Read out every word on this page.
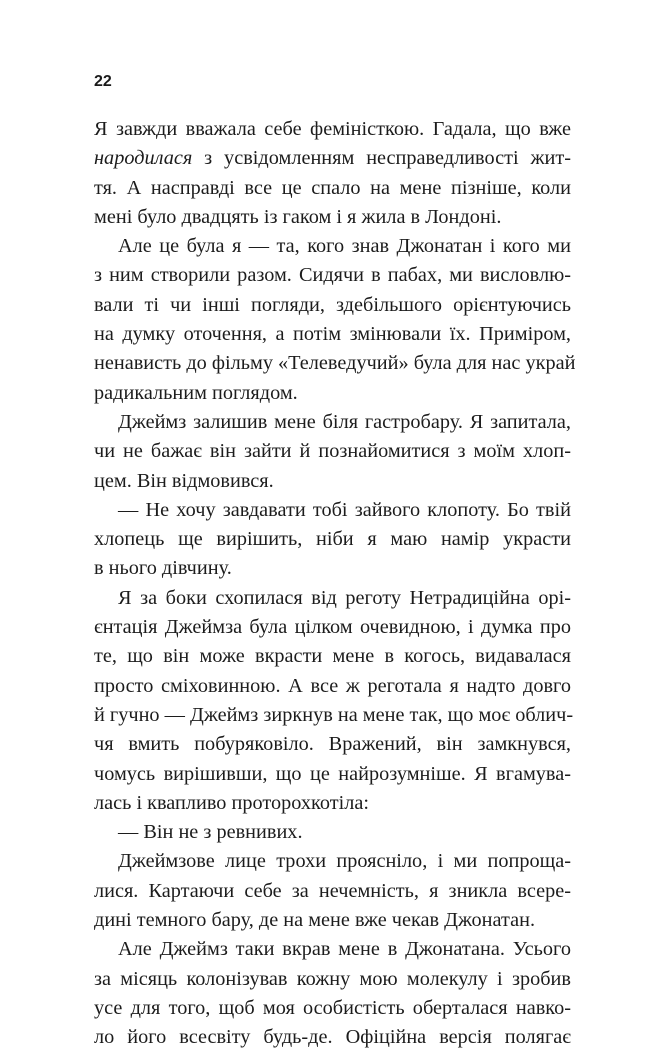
22

Я завжди вважала себе феміністкою. Гадала, що вже
народилася з усвідомленням несправедливості жит-
тя. А насправді все це спало на мене пізніше, коли
мені було двадцять із гаком і я жила в Лондоні.
Але це була я — та, кого знав Джонатан і кого ми
з ним створили разом. Сидячи в пабах, ми висловлю-
вали ті чи інші погляди, здебільшого орієнтуючись
на думку оточення, а потім змінювали їх. Приміром,
ненависть до фільму «Телеведучий» була для нас украй
радикальним поглядом.
Джеймз залишив мене біля гастробару. Я запитала,
чи не бажає він зайти й познайомитися з моїм хлоп-
цем. Він відмовився.
— Не хочу завдавати тобі зайвого клопоту. Бо твій
хлопець ще вирішить, ніби я маю намір украсти
в нього дівчину.
Я за боки схопилася від реготу Нетрадиційна орі-
єнтація Джеймза була цілком очевидною, і думка про
те, що він може вкрасти мене в когось, видавалася
просто сміховинною. А все ж реготала я надто довго
й гучно — Джеймз зиркнув на мене так, що моє облич-
чя вмить побуряковіло. Вражений, він замкнувся,
чомусь вирішивши, що це найрозумніше. Я вгамува-
лась і квапливо проторохкотіла:
— Він не з ревнивих.
Джеймзове лице трохи прояснілo, і ми попроща-
лися. Картаючи себе за нечемність, я зникла всере-
дині темного бару, де на мене вже чекав Джонатан.
Але Джеймз таки вкрав мене в Джонатана. Усього
за місяць колонізував кожну мою молекулу і зробив
усе для того, щоб моя особистість оберталася навко-
ло його всесвіту будь-де. Офіційна версія полягає
